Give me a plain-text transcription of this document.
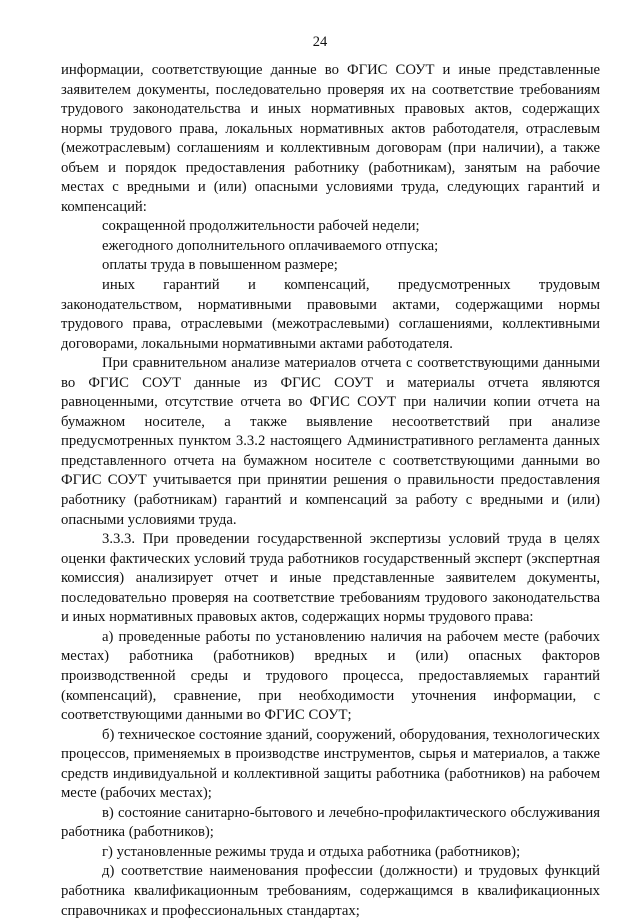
24

информации, соответствующие данные во ФГИС СОУТ и иные представленные заявителем документы, последовательно проверяя их на соответствие требованиям трудового законодательства и иных нормативных правовых актов, содержащих нормы трудового права, локальных нормативных актов работодателя, отраслевым (межотраслевым) соглашениям и коллективным договорам (при наличии), а также объем и порядок предоставления работнику (работникам), занятым на рабочие местах с вредными и (или) опасными условиями труда, следующих гарантий и компенсаций:

сокращенной продолжительности рабочей недели;

ежегодного дополнительного оплачиваемого отпуска;

оплаты труда в повышенном размере;

иных гарантий и компенсаций, предусмотренных трудовым законодательством, нормативными правовыми актами, содержащими нормы трудового права, отраслевыми (межотраслевыми) соглашениями, коллективными договорами, локальными нормативными актами работодателя.

При сравнительном анализе материалов отчета с соответствующими данными во ФГИС СОУТ данные из ФГИС СОУТ и материалы отчета являются равноценными, отсутствие отчета во ФГИС СОУТ при наличии копии отчета на бумажном носителе, а также выявление несоответствий при анализе предусмотренных пунктом 3.3.2 настоящего Административного регламента данных представленного отчета на бумажном носителе с соответствующими данными во ФГИС СОУТ учитывается при принятии решения о правильности предоставления работнику (работникам) гарантий и компенсаций за работу с вредными и (или) опасными условиями труда.

3.3.3. При проведении государственной экспертизы условий труда в целях оценки фактических условий труда работников государственный эксперт (экспертная комиссия) анализирует отчет и иные представленные заявителем документы, последовательно проверяя на соответствие требованиям трудового законодательства и иных нормативных правовых актов, содержащих нормы трудового права:

а) проведенные работы по установлению наличия на рабочем месте (рабочих местах) работника (работников) вредных и (или) опасных факторов производственной среды и трудового процесса, предоставляемых гарантий (компенсаций), сравнение, при необходимости уточнения информации, с соответствующими данными во ФГИС СОУТ;

б) техническое состояние зданий, сооружений, оборудования, технологических процессов, применяемых в производстве инструментов, сырья и материалов, а также средств индивидуальной и коллективной защиты работника (работников) на рабочем месте (рабочих местах);

в) состояние санитарно-бытового и лечебно-профилактического обслуживания работника (работников);

г) установленные режимы труда и отдыха работника (работников);

д) соответствие наименования профессии (должности) и трудовых функций работника квалификационным требованиям, содержащимся в квалификационных справочниках и профессиональных стандартах;
